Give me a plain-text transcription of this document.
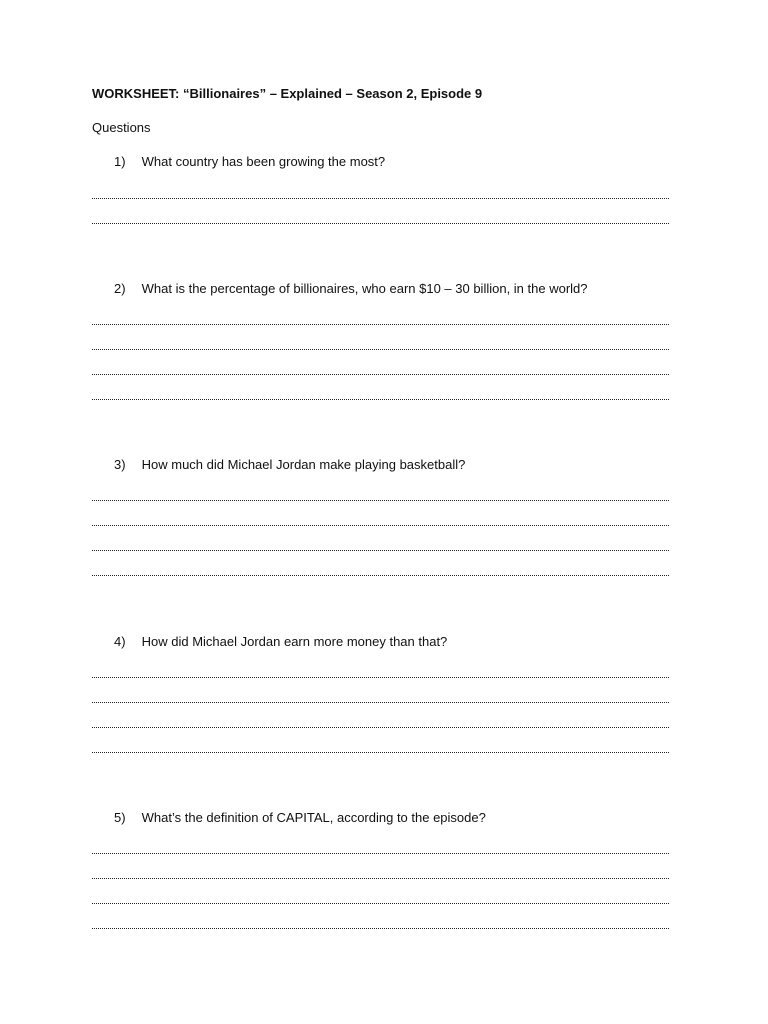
WORKSHEET: “Billionaires” – Explained – Season 2, Episode 9
Questions
1) What country has been growing the most?
2) What is the percentage of billionaires, who earn $10 – 30 billion, in the world?
3) How much did Michael Jordan make playing basketball?
4) How did Michael Jordan earn more money than that?
5) What’s the definition of CAPITAL, according to the episode?
